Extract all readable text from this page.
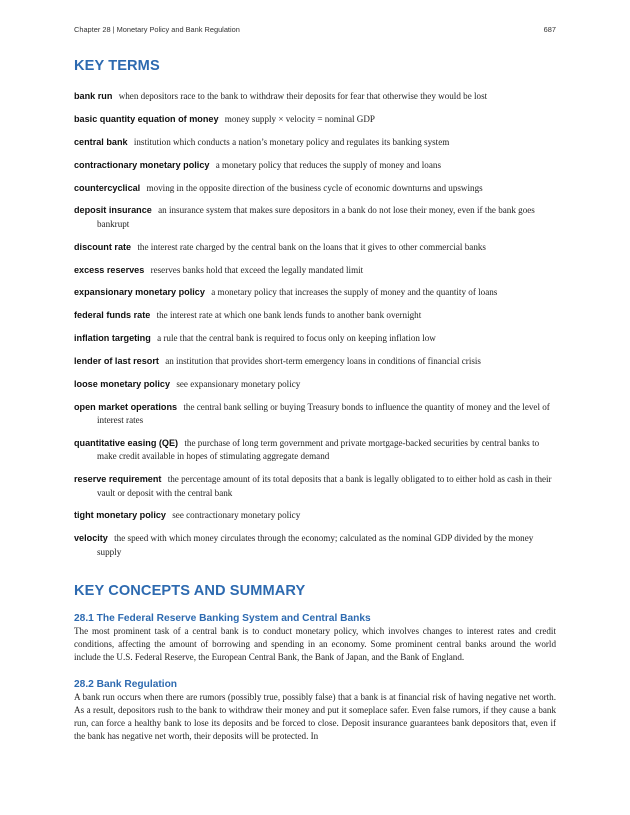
Chapter 28 | Monetary Policy and Bank Regulation	687
KEY TERMS

bank run when depositors race to the bank to withdraw their deposits for fear that otherwise they would be lost

basic quantity equation of money money supply × velocity = nominal GDP

central bank institution which conducts a nation’s monetary policy and regulates its banking system

contractionary monetary policy a monetary policy that reduces the supply of money and loans

countercyclical moving in the opposite direction of the business cycle of economic downturns and upswings

deposit insurance an insurance system that makes sure depositors in a bank do not lose their money, even if the bank goes bankrupt

discount rate the interest rate charged by the central bank on the loans that it gives to other commercial banks

excess reserves reserves banks hold that exceed the legally mandated limit

expansionary monetary policy a monetary policy that increases the supply of money and the quantity of loans

federal funds rate the interest rate at which one bank lends funds to another bank overnight

inflation targeting a rule that the central bank is required to focus only on keeping inflation low

lender of last resort an institution that provides short-term emergency loans in conditions of financial crisis

loose monetary policy see expansionary monetary policy

open market operations the central bank selling or buying Treasury bonds to influence the quantity of money and the level of interest rates

quantitative easing (QE) the purchase of long term government and private mortgage-backed securities by central banks to make credit available in hopes of stimulating aggregate demand

reserve requirement the percentage amount of its total deposits that a bank is legally obligated to to either hold as cash in their vault or deposit with the central bank

tight monetary policy see contractionary monetary policy

velocity the speed with which money circulates through the economy; calculated as the nominal GDP divided by the money supply

KEY CONCEPTS AND SUMMARY
28.1 The Federal Reserve Banking System and Central Banks

The most prominent task of a central bank is to conduct monetary policy, which involves changes to interest rates and credit conditions, affecting the amount of borrowing and spending in an economy. Some prominent central banks around the world include the U.S. Federal Reserve, the European Central Bank, the Bank of Japan, and the Bank of England.

28.2 Bank Regulation

A bank run occurs when there are rumors (possibly true, possibly false) that a bank is at financial risk of having negative net worth. As a result, depositors rush to the bank to withdraw their money and put it someplace safer. Even false rumors, if they cause a bank run, can force a healthy bank to lose its deposits and be forced to close. Deposit insurance guarantees bank depositors that, even if the bank has negative net worth, their deposits will be protected. In
